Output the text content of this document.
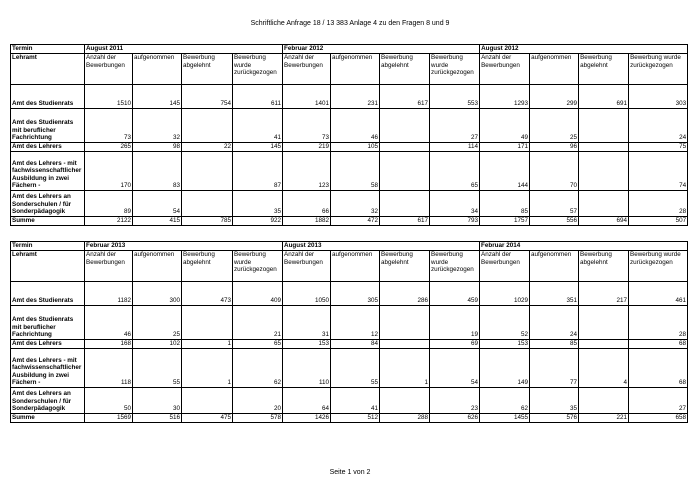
Schriftliche Anfrage 18 / 13 383 Anlage 4 zu den Fragen 8 und 9
Termin	August 2011				Februar 2012				August 2012			
Lehramt	Anzahl der Bewerbungen	aufgenommen	Bewerbung abgelehnt	Bewerbung wurde zurückgezogen	Anzahl der Bewerbungen	aufgenommen	Bewerbung abgelehnt	Bewerbung wurde zurückgezogen	Anzahl der Bewerbungen	aufgenommen	Bewerbung abgelehnt	Bewerbung wurde zurückgezogen
Amt des Studienrats	1510	145	754	611	1401	231	617	553	1293	299	691	303
Amt des Studienrats mit beruflicher Fachrichtung	73	32		41	73	46		27	49	25		24
Amt des Lehrers	265	98	22	145	219	105		114	171	96		75
Amt des Lehrers - mit fachwissenschaftlicher Ausbildung in zwei Fächern -	170	83		87	123	58		65	144	70		74
Amt des Lehrers an Sonderschulen / für Sonderpädagogik	89	54		35	66	32		34	85	57		28
Summe	2122	415	785	922	1882	472	617	793	1757	556	694	507
Termin	Februar 2013				August 2013				Februar 2014			
Lehramt	Anzahl der Bewerbungen	aufgenommen	Bewerbung abgelehnt	Bewerbung wurde zurückgezogen	Anzahl der Bewerbungen	aufgenommen	Bewerbung abgelehnt	Bewerbung wurde zurückgezogen	Anzahl der Bewerbungen	aufgenommen	Bewerbung abgelehnt	Bewerbung wurde zurückgezogen
Amt des Studienrats	1182	300	473	409	1050	305	286	459	1029	351	217	461
Amt des Studienrats mit beruflicher Fachrichtung	46	25		21	31	12		19	52	24		28
Amt des Lehrers	168	102	1	65	153	84		69	153	85		68
Amt des Lehrers - mit fachwissenschaftlicher Ausbildung in zwei Fächern -	118	55	1	62	110	55	1	54	149	77	4	68
Amt des Lehrers an Sonderschulen / für Sonderpädagogik	50	30		20	64	41		23	62	35		27
Summe	1569	516	475	578	1426	512	288	626	1455	576	221	658
Seite 1 von 2
